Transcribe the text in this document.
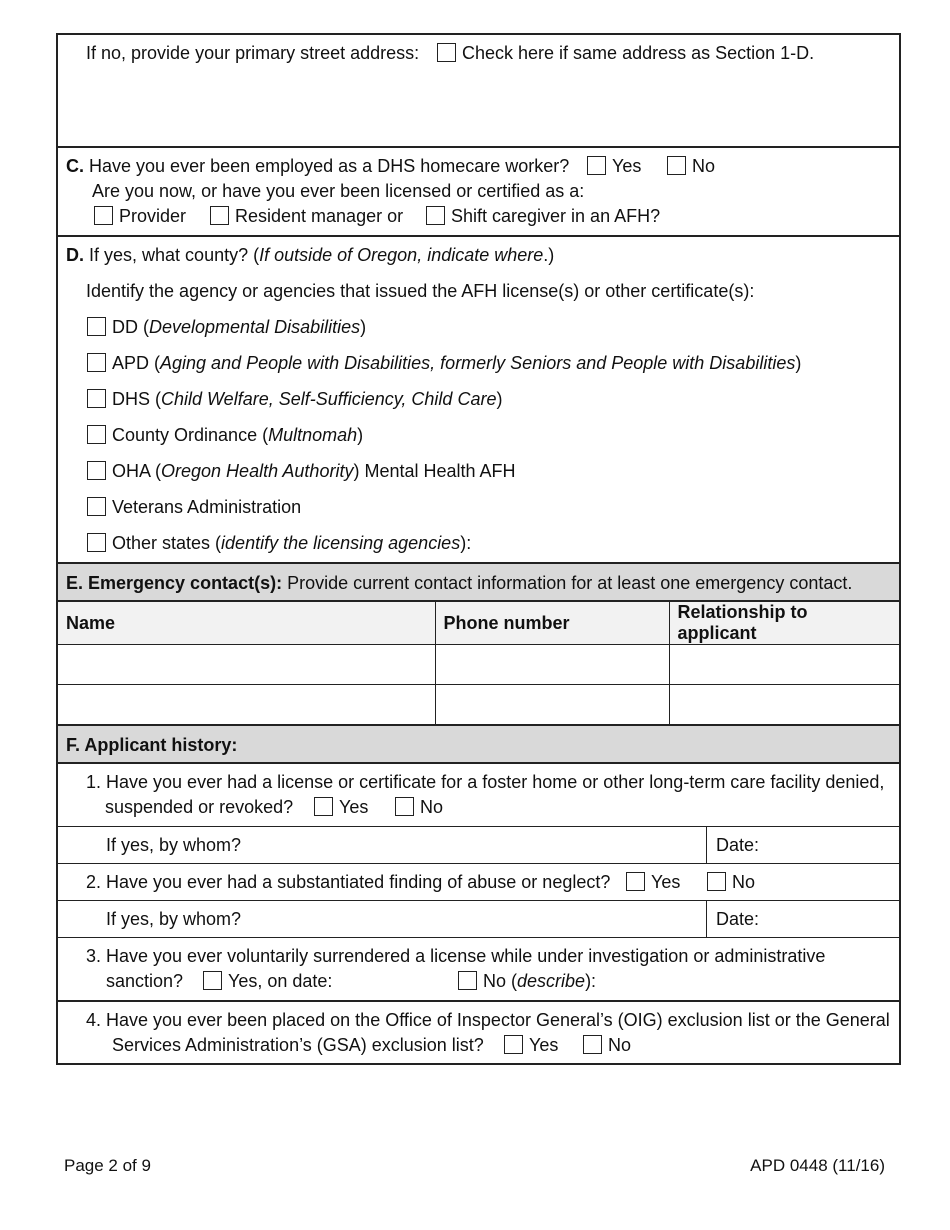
If no, provide your primary street address:	Check here if same address as Section 1-D.
C. Have you ever been employed as a DHS homecare worker?	Yes	No
Are you now, or have you ever been licensed or certified as a:
Provider	Resident manager or	Shift caregiver in an AFH?
D. If yes, what county? (If outside of Oregon, indicate where.)
Identify the agency or agencies that issued the AFH license(s) or other certificate(s):
DD (Developmental Disabilities)
APD (Aging and People with Disabilities, formerly Seniors and People with Disabilities)
DHS (Child Welfare, Self-Sufficiency, Child Care)
County Ordinance (Multnomah)
OHA (Oregon Health Authority) Mental Health AFH
Veterans Administration
Other states (identify the licensing agencies):
E. Emergency contact(s): Provide current contact information for at least one emergency contact.
Name	Phone number	Relationship to applicant

F. Applicant history:
1. Have you ever had a license or certificate for a foster home or other long-term care facility denied,
suspended or revoked?	Yes	No
If yes, by whom?	Date:
2. Have you ever had a substantiated finding of abuse or neglect?	Yes	No
If yes, by whom?	Date:
3. Have you ever voluntarily surrendered a license while under investigation or administrative
sanction?	Yes, on date:	No (describe):
4. Have you ever been placed on the Office of Inspector General’s (OIG) exclusion list or the General
Services Administration’s (GSA) exclusion list?	Yes	No
Page 2 of 9	APD 0448 (11/16)
